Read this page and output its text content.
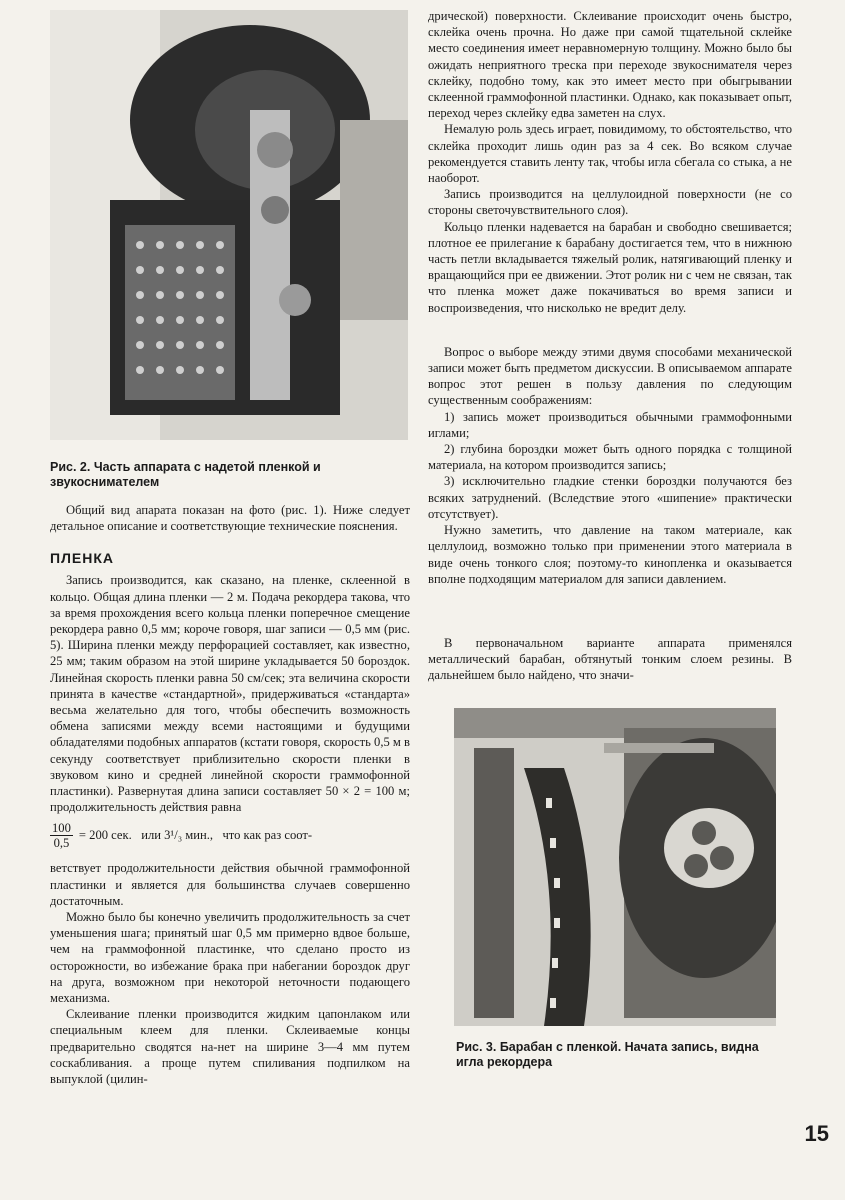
Рис. 2. Часть аппарата с надетой пленкой и звукоснимателем

Общий вид апарата показан на фото (рис. 1). Ниже следует детальное описание и соответствующие технические пояснения.

ПЛЕНКА

Запись производится, как сказано, на пленке, склеенной в кольцо. Общая длина пленки — 2 м. Подача рекордера такова, что за время прохождения всего кольца пленки поперечное смещение рекордера равно 0,5 мм; короче говоря, шаг записи — 0,5 мм (рис. 5). Ширина пленки между перфорацией составляет, как известно, 25 мм; таким образом на этой ширине укладывается 50 бороздок. Линейная скорость пленки равна 50 см/сек; эта величина скорости принята в качестве «стандартной», придерживаться «стандарта» весьма желательно для того, чтобы обеспечить возможность обмена записями между всеми настоящими и будущими обладателями подобных аппаратов (кстати говоря, скорость 0,5 м в секунду соответствует приблизительно скорости пленки в звуковом кино и средней линейной скорости граммофонной пластинки). Развернутая длина записи составляет 50 × 2 = 100 м; продолжительность действия равна

$\frac{100}{0,5} = 200$ сек.   или 3¹/₃ мин.,   что как раз соот-

ветствует продолжительности действия обычной граммофонной пластинки и является для большинства случаев совершенно достаточным.

Можно было бы конечно увеличить продолжительность за счет уменьшения шага; принятый шаг 0,5 мм примерно вдвое больше, чем на граммофонной пластинке, что сделано просто из осторожности, во избежание брака при набегании бороздок друг на друга, возможном при некоторой неточности подающего механизма.

Склеивание пленки производится жидким цапонлаком или специальным клеем для пленки. Склеиваемые концы предварительно сводятся на-нет на ширине 3—4 мм путем соскабливания. а проще путем спиливания подпилком на выпуклой (цилин-

дрической) поверхности. Склеивание происходит очень быстро, склейка очень прочна. Но даже при самой тщательной склейке место соединения имеет неравномерную толщину. Можно было бы ожидать неприятного треска при переходе звукоснимателя через склейку, подобно тому, как это имеет место при обыгрывании склеенной граммофонной пластинки. Однако, как показывает опыт, переход через склейку едва заметен на слух.

Немалую роль здесь играет, повидимому, то обстоятельство, что склейка проходит лишь один раз за 4 сек. Во всяком случае рекомендуется ставить ленту так, чтобы игла сбегала со стыка, а не наоборот.

Запись производится на целлулоидной поверхности (не со стороны светочувствительного слоя).

Кольцо пленки надевается на барабан и свободно свешивается; плотное ее прилегание к барабану достигается тем, что в нижнюю часть петли вкладывается тяжелый ролик, натягивающий пленку и вращающийся при ее движении. Этот ролик ни с чем не связан, так что пленка может даже покачиваться во время записи и воспроизведения, что нисколько не вредит делу.

Вопрос о выборе между этими двумя способами механической записи может быть предметом дискуссии. В описываемом аппарате вопрос этот решен в пользу давления по следующим существенным соображениям:

1) запись может производиться обычными граммофонными иглами;

2) глубина бороздки может быть одного порядка с толщиной материала, на котором производится запись;

3) исключительно гладкие стенки бороздки получаются без всяких затруднений. (Вследствие этого «шипение» практически отсутствует).

Нужно заметить, что давление на таком материале, как целлулоид, возможно только при применении этого материала в виде очень тонкого слоя; поэтому-то кинопленка и оказывается вполне подходящим материалом для записи давлением.

В первоначальном варианте аппарата применялся металлический барабан, обтянутый тонким слоем резины. В дальнейшем было найдено, что значи-

Рис. 3. Барабан с пленкой. Начата запись, видна игла рекордера
15
